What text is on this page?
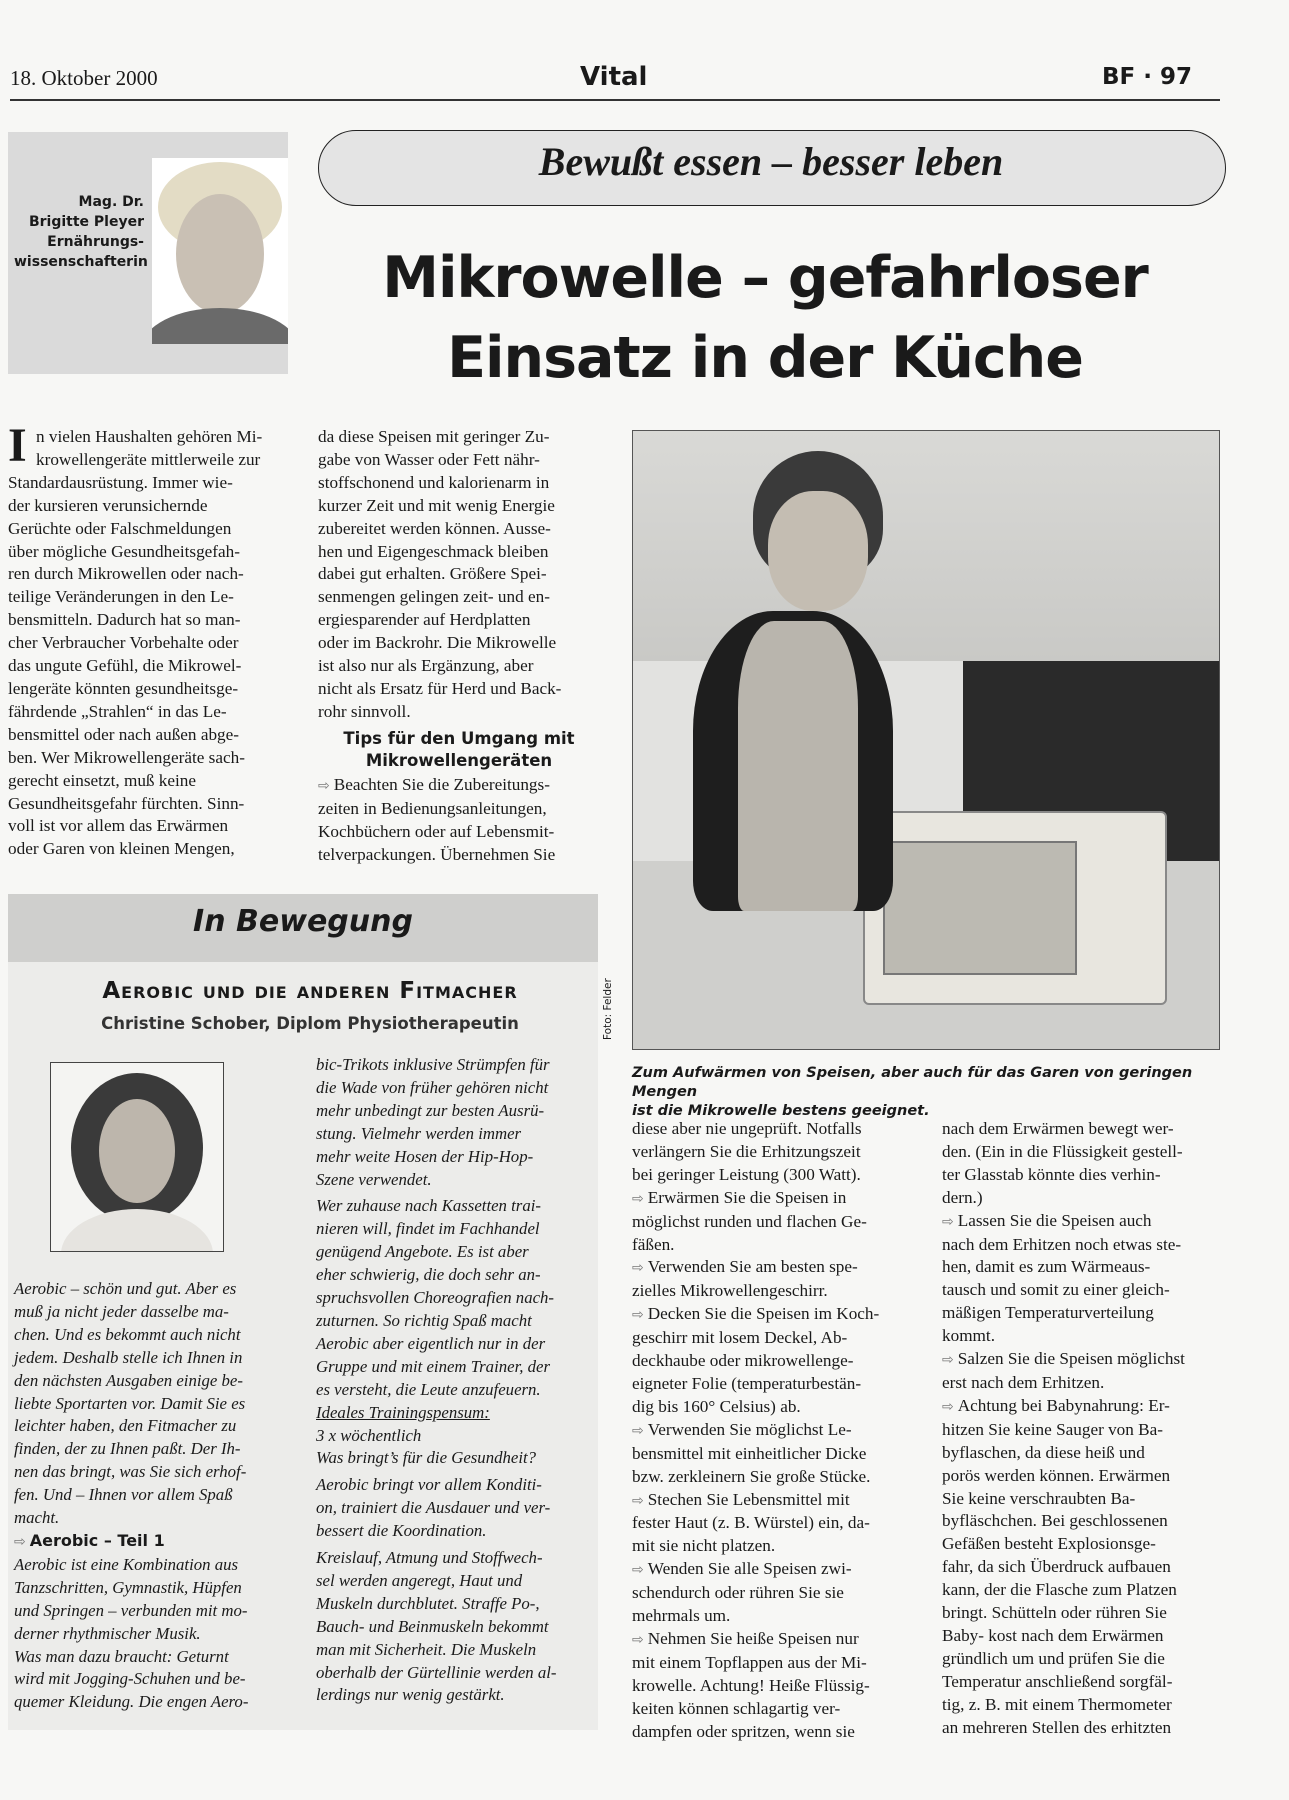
18. Oktober 2000	Vital	BF · 97
Mag. Dr.
Brigitte Pleyer
Ernährungs-
wissenschafterin
Bewußt essen – besser leben
Mikrowelle – gefahrloser
Einsatz in der Küche
I n vielen Haushalten gehören Mi-

krowellengeräte mittlerweile zur

Standardausrüstung. Immer wie-

der kursieren verunsichernde

Gerüchte oder Falschmeldungen

über mögliche Gesundheitsgefah-

ren durch Mikrowellen oder nach-

teilige Veränderungen in den Le-

bensmitteln. Dadurch hat so man-

cher Verbraucher Vorbehalte oder

das ungute Gefühl, die Mikrowel-

lengeräte könnten gesundheitsge-

fährdende „Strahlen“ in das Le-

bensmittel oder nach außen abge-

ben. Wer Mikrowellengeräte sach-

gerecht einsetzt, muß keine

Gesundheitsgefahr fürchten. Sinn-

voll ist vor allem das Erwärmen

oder Garen von kleinen Mengen,

da diese Speisen mit geringer Zu-

gabe von Wasser oder Fett nähr-

stoffschonend und kalorienarm in

kurzer Zeit und mit wenig Energie

zubereitet werden können. Ausse-

hen und Eigengeschmack bleiben

dabei gut erhalten. Größere Spei-

senmengen gelingen zeit- und en-

ergiesparender auf Herdplatten

oder im Backrohr. Die Mikrowelle

ist also nur als Ergänzung, aber

nicht als Ersatz für Herd und Back-

rohr sinnvoll.

Tips für den Umgang mit
Mikrowellengeräten

⇨ Beachten Sie die Zubereitungs-

zeiten in Bedienungsanleitungen,

Kochbüchern oder auf Lebensmit-

telverpackungen. Übernehmen Sie

Foto: Felder
Zum Aufwärmen von Speisen, aber auch für das Garen von geringen Mengen
ist die Mikrowelle bestens geeignet.

diese aber nie ungeprüft. Notfalls

verlängern Sie die Erhitzungszeit

bei geringer Leistung (300 Watt).

⇨ Erwärmen Sie die Speisen in

möglichst runden und flachen Ge-

fäßen.

⇨ Verwenden Sie am besten spe-

zielles Mikrowellengeschirr.

⇨ Decken Sie die Speisen im Koch-

geschirr mit losem Deckel, Ab-

deckhaube oder mikrowellenge-

eigneter Folie (temperaturbestän-

dig bis 160° Celsius) ab.

⇨ Verwenden Sie möglichst Le-

bensmittel mit einheitlicher Dicke

bzw. zerkleinern Sie große Stücke.

⇨ Stechen Sie Lebensmittel mit

fester Haut (z. B. Würstel) ein, da-

mit sie nicht platzen.

⇨ Wenden Sie alle Speisen zwi-

schendurch oder rühren Sie sie

mehrmals um.

⇨ Nehmen Sie heiße Speisen nur

mit einem Topflappen aus der Mi-

krowelle. Achtung! Heiße Flüssig-

keiten können schlagartig ver-

dampfen oder spritzen, wenn sie

nach dem Erwärmen bewegt wer-

den. (Ein in die Flüssigkeit gestell-

ter Glasstab könnte dies verhin-

dern.)

⇨ Lassen Sie die Speisen auch

nach dem Erhitzen noch etwas ste-

hen, damit es zum Wärmeaus-

tausch und somit zu einer gleich-

mäßigen Temperaturverteilung

kommt.

⇨ Salzen Sie die Speisen möglichst

erst nach dem Erhitzen.

⇨ Achtung bei Babynahrung: Er-

hitzen Sie keine Sauger von Ba-

byflaschen, da diese heiß und

porös werden können. Erwärmen

Sie keine verschraubten Ba-

byfläschchen. Bei geschlossenen

Gefäßen besteht Explosionsge-

fahr, da sich Überdruck aufbauen

kann, der die Flasche zum Platzen

bringt. Schütteln oder rühren Sie

Baby- kost nach dem Erwärmen

gründlich um und prüfen Sie die

Temperatur anschließend sorgfäl-

tig, z. B. mit einem Thermometer

an mehreren Stellen des erhitzten

In Bewegung
Aerobic und die anderen Fitmacher
Christine Schober, Diplom Physiotherapeutin

Aerobic – schön und gut. Aber es

muß ja nicht jeder dasselbe ma-

chen. Und es bekommt auch nicht

jedem. Deshalb stelle ich Ihnen in

den nächsten Ausgaben einige be-

liebte Sportarten vor. Damit Sie es

leichter haben, den Fitmacher zu

finden, der zu Ihnen paßt. Der Ih-

nen das bringt, was Sie sich erhof-

fen. Und – Ihnen vor allem Spaß

macht.

⇨ Aerobic – Teil 1

Aerobic ist eine Kombination aus

Tanzschritten, Gymnastik, Hüpfen

und Springen – verbunden mit mo-

derner rhythmischer Musik.

Was man dazu braucht: Geturnt

wird mit Jogging-Schuhen und be-

quemer Kleidung. Die engen Aero-

bic-Trikots inklusive Strümpfen für

die Wade von früher gehören nicht

mehr unbedingt zur besten Ausrü-

stung. Vielmehr werden immer

mehr weite Hosen der Hip-Hop-

Szene verwendet.

Wer zuhause nach Kassetten trai-

nieren will, findet im Fachhandel

genügend Angebote. Es ist aber

eher schwierig, die doch sehr an-

spruchsvollen Choreografien nach-

zuturnen. So richtig Spaß macht

Aerobic aber eigentlich nur in der

Gruppe und mit einem Trainer, der

es versteht, die Leute anzufeuern.

Ideales Trainingspensum:

3 x wöchentlich

Was bringt’s für die Gesundheit?

Aerobic bringt vor allem Konditi-

on, trainiert die Ausdauer und ver-

bessert die Koordination.

Kreislauf, Atmung und Stoffwech-

sel werden angeregt, Haut und

Muskeln durchblutet. Straffe Po-,

Bauch- und Beinmuskeln bekommt

man mit Sicherheit. Die Muskeln

oberhalb der Gürtellinie werden al-

lerdings nur wenig gestärkt.
